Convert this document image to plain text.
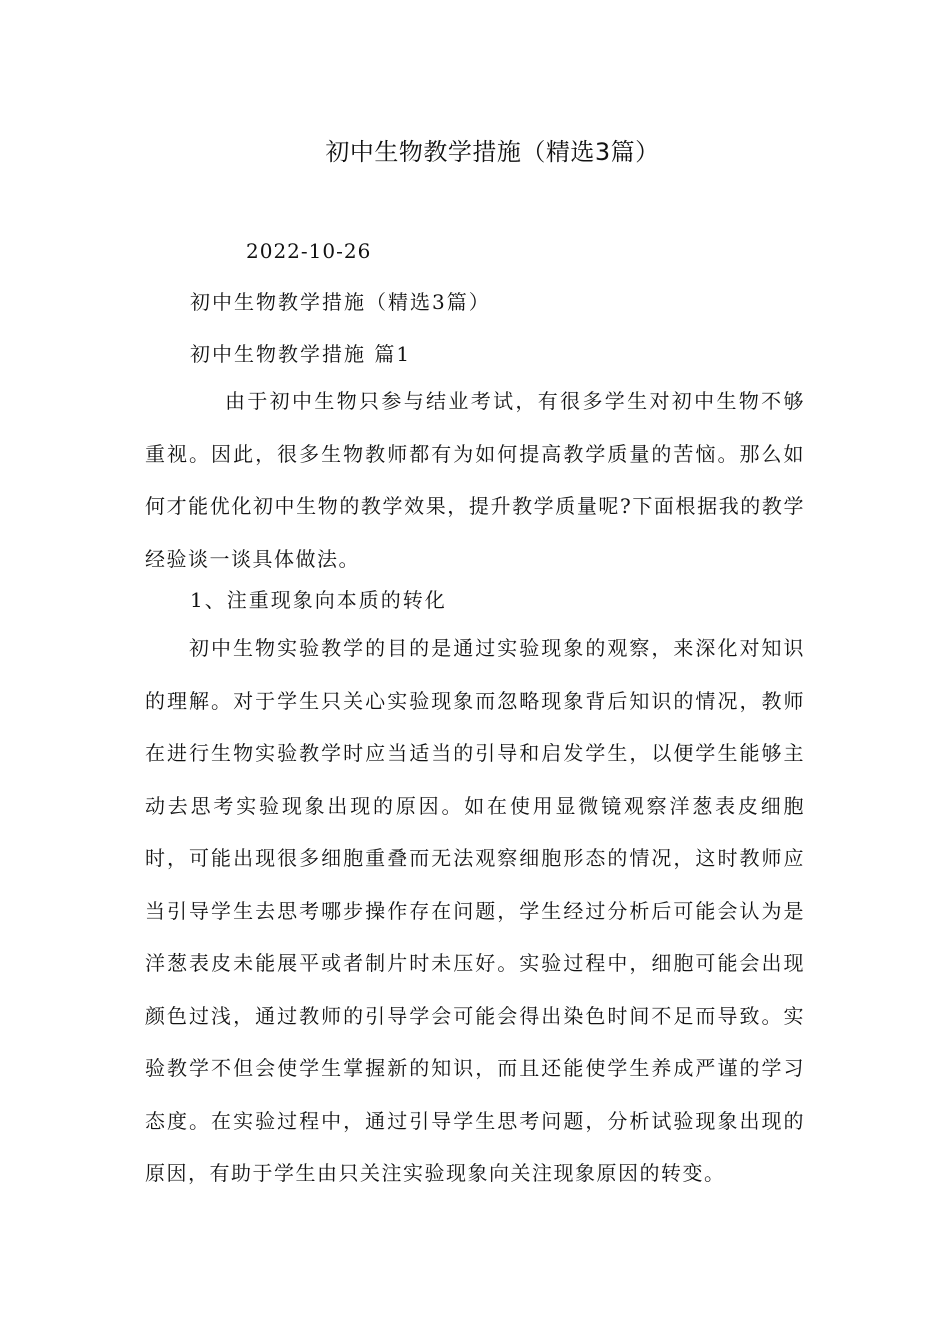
初中生物教学措施（精选3篇）
2022-10-26
初中生物教学措施（精选3篇）
初中生物教学措施 篇1
由于初中生物只参与结业考试，有很多学生对初中生物不够重视。因此，很多生物教师都有为如何提高教学质量的苦恼。那么如何才能优化初中生物的教学效果，提升教学质量呢?下面根据我的教学经验谈一谈具体做法。
1、注重现象向本质的转化
初中生物实验教学的目的是通过实验现象的观察，来深化对知识的理解。对于学生只关心实验现象而忽略现象背后知识的情况，教师在进行生物实验教学时应当适当的引导和启发学生，以便学生能够主动去思考实验现象出现的原因。如在使用显微镜观察洋葱表皮细胞时，可能出现很多细胞重叠而无法观察细胞形态的情况，这时教师应当引导学生去思考哪步操作存在问题，学生经过分析后可能会认为是洋葱表皮未能展平或者制片时未压好。实验过程中，细胞可能会出现颜色过浅，通过教师的引导学会可能会得出染色时间不足而导致。实验教学不但会使学生掌握新的知识，而且还能使学生养成严谨的学习态度。在实验过程中，通过引导学生思考问题，分析试验现象出现的原因，有助于学生由只关注实验现象向关注现象原因的转变。
